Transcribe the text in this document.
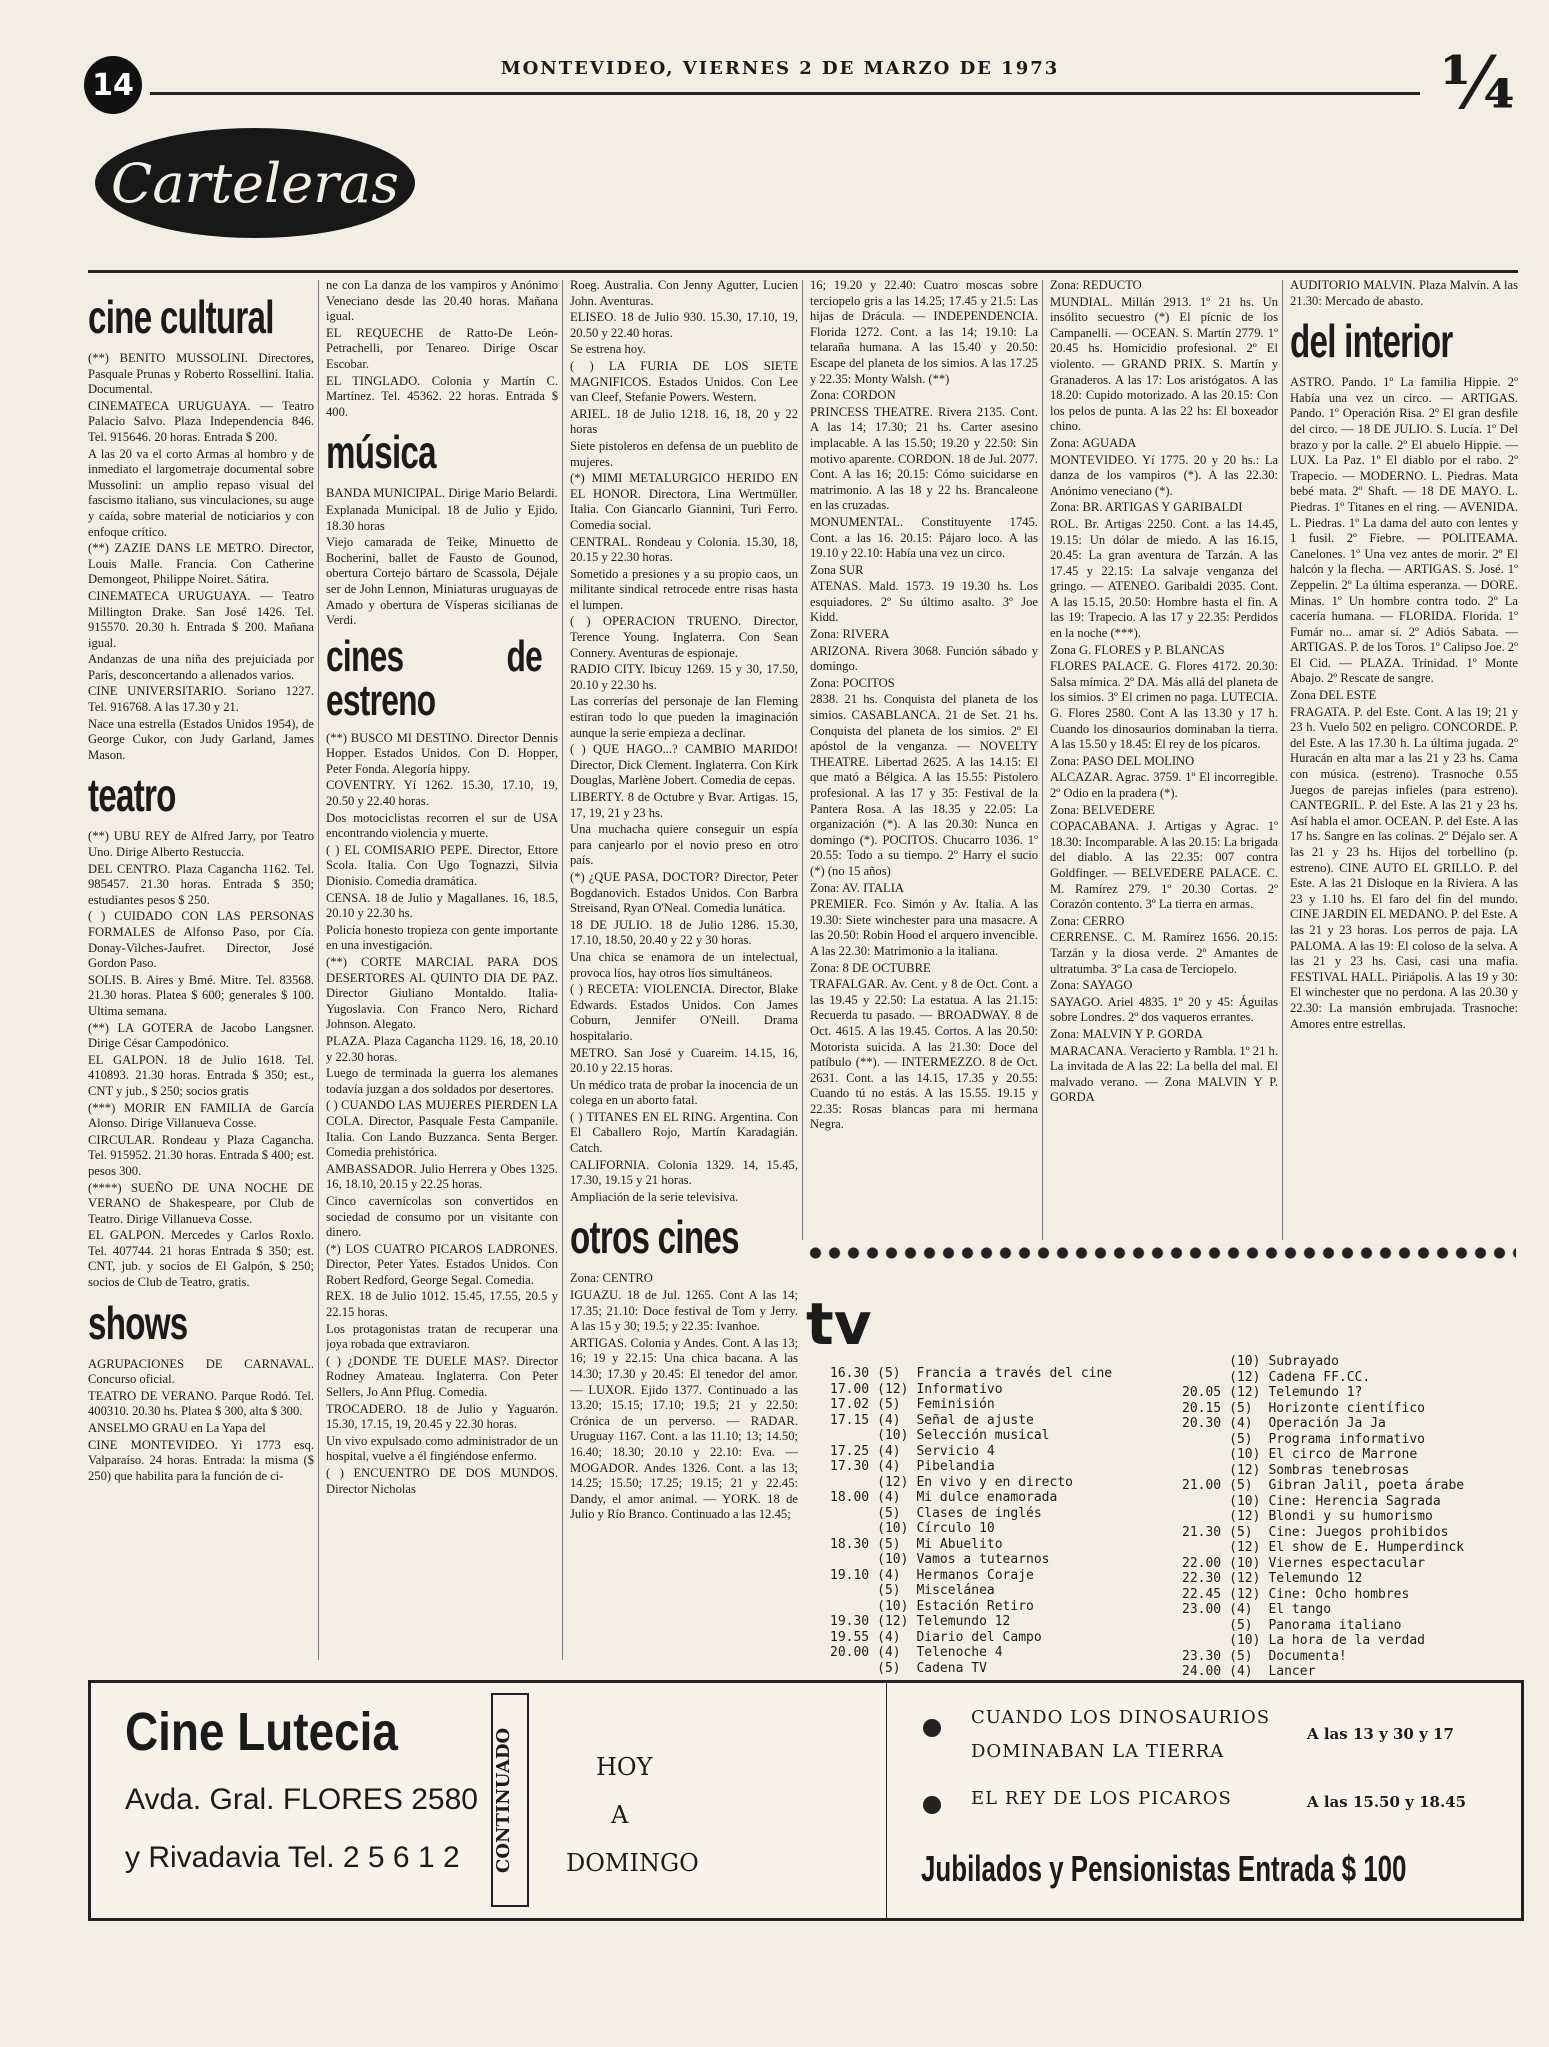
14	MONTEVIDEO, VIERNES 2 DE MARZO DE 1973	¼
Carteleras
cine cultural

(**) BENITO MUSSOLINI. Directores, Pasquale Prunas y Roberto Rossellini. Italia. Documental.

CINEMATECA URUGUAYA. — Teatro Palacio Salvo. Plaza Independencia 846. Tel. 915646. 20 horas. Entrada $ 200.

A las 20 va el corto Armas al hombro y de inmediato el largometraje documental sobre Mussolini: un amplio repaso visual del fascismo italiano, sus vinculaciones, su auge y caída, sobre material de noticiarios y con enfoque crítico.

(**) ZAZIE DANS LE METRO. Director, Louis Malle. Francia. Con Catherine Demongeot, Philippe Noiret. Sátira.

CINEMATECA URUGUAYA. — Teatro Millington Drake. San José 1426. Tel. 915570. 20.30 h. Entrada $ 200. Mañana igual.

Andanzas de una niña des prejuiciada por París, desconcertando a allenados varios.

CINE UNIVERSITARIO. Soriano 1227. Tel. 916768. A las 17.30 y 21.

Nace una estrella (Estados Unidos 1954), de George Cukor, con Judy Garland, James Mason.

teatro

(**) UBU REY de Alfred Jarry, por Teatro Uno. Dirige Alberto Restuccia.

DEL CENTRO. Plaza Cagancha 1162. Tel. 985457. 21.30 horas. Entrada $ 350; estudiantes pesos $ 250.

( ) CUIDADO CON LAS PERSONAS FORMALES de Alfonso Paso, por Cía. Donay-Vilches-Jaufret. Director, José Gordon Paso.

SOLIS. B. Aires y Bmé. Mitre. Tel. 83568. 21.30 horas. Platea $ 600; generales $ 100. Ultima semana.

(**) LA GOTERA de Jacobo Langsner. Dirige César Campodónico.

EL GALPON. 18 de Julio 1618. Tel. 410893. 21.30 horas. Entrada $ 350; est., CNT y jub., $ 250; socios gratis

(***) MORIR EN FAMILIA de García Alonso. Dirige Villanueva Cosse.

CIRCULAR. Rondeau y Plaza Cagancha. Tel. 915952. 21.30 horas. Entrada $ 400; est. pesos 300.

(****) SUEÑO DE UNA NOCHE DE VERANO de Shakespeare, por Club de Teatro. Dirige Villanueva Cosse.

EL GALPON. Mercedes y Carlos Roxlo. Tel. 407744. 21 horas Entrada $ 350; est. CNT, jub. y socios de El Galpón, $ 250; socios de Club de Teatro, gratis.

shows

AGRUPACIONES DE CARNAVAL. Concurso oficial.

TEATRO DE VERANO. Parque Rodó. Tel. 400310. 20.30 hs. Platea $ 300, alta $ 300.

ANSELMO GRAU en La Yapa del

CINE MONTEVIDEO. Yi 1773 esq. Valparaíso. 24 horas. Entrada: la misma ($ 250) que habilita para la función de ci-

ne con La danza de los vampiros y Anónimo Veneciano desde las 20.40 horas. Mañana igual.

EL REQUECHE de Ratto-De León-Petrachelli, por Tenareo. Dirige Oscar Escobar.

EL TINGLADO. Colonia y Martín C. Martínez. Tel. 45362. 22 horas. Entrada $ 400.

música

BANDA MUNICIPAL. Dirige Mario Belardi.

Explanada Municipal. 18 de Julio y Ejido. 18.30 horas

Viejo camarada de Teike, Minuetto de Bocherini, ballet de Fausto de Gounod, obertura Cortejo bártaro de Scassola, Déjale ser de John Lennon, Miniaturas uruguayas de Amado y obertura de Vísperas sicilianas de Verdi.

cines de estreno

(**) BUSCO MI DESTINO. Director Dennis Hopper. Estados Unidos. Con D. Hopper, Peter Fonda. Alegoría hippy.

COVENTRY. Yí 1262. 15.30, 17.10, 19, 20.50 y 22.40 horas.

Dos motociclistas recorren el sur de USA encontrando violencia y muerte.

( ) EL COMISARIO PEPE. Director, Ettore Scola. Italia. Con Ugo Tognazzi, Silvia Dionisio. Comedia dramática.

CENSA. 18 de Julio y Magallanes. 16, 18.5, 20.10 y 22.30 hs.

Policía honesto tropieza con gente importante en una investigación.

(**) CORTE MARCIAL PARA DOS DESERTORES AL QUINTO DIA DE PAZ. Director Giuliano Montaldo. Italia-Yugoslavia. Con Franco Nero, Richard Johnson. Alegato.

PLAZA. Plaza Cagancha 1129. 16, 18, 20.10 y 22.30 horas.

Luego de terminada la guerra los alemanes todavía juzgan a dos soldados por desertores.

( ) CUANDO LAS MUJERES PIERDEN LA COLA. Director, Pasquale Festa Campanile. Italia. Con Lando Buzzanca. Senta Berger. Comedia prehistórica.

AMBASSADOR. Julio Herrera y Obes 1325. 16, 18.10, 20.15 y 22.25 horas.

Cinco cavernícolas son convertidos en sociedad de consumo por un visitante con dinero.

(*) LOS CUATRO PICAROS LADRONES. Director, Peter Yates. Estados Unidos. Con Robert Redford, George Segal. Comedia.

REX. 18 de Julio 1012. 15.45, 17.55, 20.5 y 22.15 horas.

Los protagonistas tratan de recuperar una joya robada que extraviaron.

( ) ¿DONDE TE DUELE MAS?. Director Rodney Amateau. Inglaterra. Con Peter Sellers, Jo Ann Pflug. Comedia.

TROCADERO. 18 de Julio y Yaguarón. 15.30, 17.15, 19, 20.45 y 22.30 horas.

Un vivo expulsado como administrador de un hospital, vuelve a él fingiéndose enfermo.

( ) ENCUENTRO DE DOS MUNDOS. Director Nicholas

Roeg. Australia. Con Jenny Agutter, Lucien John. Aventuras.

ELISEO. 18 de Julio 930. 15.30, 17.10, 19, 20.50 y 22.40 horas.

Se estrena hoy.

( ) LA FURIA DE LOS SIETE MAGNIFICOS. Estados Unidos. Con Lee van Cleef, Stefanie Powers. Western.

ARIEL. 18 de Julio 1218. 16, 18, 20 y 22 horas

Siete pistoleros en defensa de un pueblito de mujeres.

(*) MIMI METALURGICO HERIDO EN EL HONOR. Directora, Lina Wertmüller. Italia. Con Giancarlo Giannini, Turi Ferro. Comedia social.

CENTRAL. Rondeau y Colonia. 15.30, 18, 20.15 y 22.30 horas.

Sometido a presiones y a su propio caos, un militante sindical retrocede entre risas hasta el lumpen.

( ) OPERACION TRUENO. Director, Terence Young. Inglaterra. Con Sean Connery. Aventuras de espionaje.

RADIO CITY. Ibicuy 1269. 15 y 30, 17.50, 20.10 y 22.30 hs.

Las correrías del personaje de Ian Fleming estiran todo lo que pueden la imaginación aunque la serie empieza a declinar.

( ) QUE HAGO...? CAMBIO MARIDO! Director, Dick Clement. Inglaterra. Con Kirk Douglas, Marlène Jobert. Comedia de cepas.

LIBERTY. 8 de Octubre y Bvar. Artigas. 15, 17, 19, 21 y 23 hs.

Una muchacha quiere conseguir un espía para canjearlo por el novio preso en otro país.

(*) ¿QUE PASA, DOCTOR? Director, Peter Bogdanovich. Estados Unidos. Con Barbra Streisand, Ryan O'Neal. Comedia lunática.

18 DE JULIO. 18 de Julio 1286. 15.30, 17.10, 18.50, 20.40 y 22 y 30 horas.

Una chica se enamora de un intelectual, provoca líos, hay otros líos simultáneos.

( ) RECETA: VIOLENCIA. Director, Blake Edwards. Estados Unidos. Con James Coburn, Jennifer O'Neill. Drama hospitalario.

METRO. San José y Cuareim. 14.15, 16, 20.10 y 22.15 horas.

Un médico trata de probar la inocencia de un colega en un aborto fatal.

( ) TITANES EN EL RING. Argentina. Con El Caballero Rojo, Martín Karadagián. Catch.

CALIFORNIA. Colonia 1329. 14, 15.45, 17.30, 19.15 y 21 horas.

Ampliación de la serie televisiva.

otros cines

Zona: CENTRO

IGUAZU. 18 de Jul. 1265. Cont A las 14; 17.35; 21.10: Doce festival de Tom y Jerry. A las 15 y 30; 19.5; y 22.35: Ivanhoe.

ARTIGAS. Colonia y Andes. Cont. A las 13; 16; 19 y 22.15: Una chica bacana. A las 14.30; 17.30 y 20.45: El tenedor del amor. — LUXOR. Ejido 1377. Continuado a las 13.20; 15.15; 17.10; 19.5; 21 y 22.50: Crónica de un perverso. — RADAR. Uruguay 1167. Cont. a las 11.10; 13; 14.50; 16.40; 18.30; 20.10 y 22.10: Eva. — MOGADOR. Andes 1326. Cont. a las 13; 14.25; 15.50; 17.25; 19.15; 21 y 22.45: Dandy, el amor animal. — YORK. 18 de Julio y Río Branco. Continuado a las 12.45;

16; 19.20 y 22.40: Cuatro moscas sobre terciopelo gris a las 14.25; 17.45 y 21.5: Las hijas de Drácula. — INDEPENDENCIA. Florida 1272. Cont. a las 14; 19.10: La telaraña humana. A las 15.40 y 20.50: Escape del planeta de los simios. A las 17.25 y 22.35: Monty Walsh. (**)

Zona: CORDON

PRINCESS THEATRE. Rivera 2135. Cont. A las 14; 17.30; 21 hs. Carter asesino implacable. A las 15.50; 19.20 y 22.50: Sin motivo aparente. CORDON. 18 de Jul. 2077. Cont. A las 16; 20.15: Cómo suicidarse en matrimonio. A las 18 y 22 hs. Brancaleone en las cruzadas.

MONUMENTAL. Constituyente 1745. Cont. a las 16. 20.15: Pájaro loco. A las 19.10 y 22.10: Había una vez un circo.

Zona SUR

ATENAS. Mald. 1573. 19 19.30 hs. Los esquiadores. 2º Su último asalto. 3º Joe Kidd.

Zona: RIVERA

ARIZONA. Rivera 3068. Función sábado y domingo.

Zona: POCITOS

2838. 21 hs. Conquista del planeta de los simios. CASABLANCA. 21 de Set. 21 hs. Conquista del planeta de los simios. 2º El apóstol de la venganza. — NOVELTY THEATRE. Libertad 2625. A las 14.15: El que mató a Bélgica. A las 15.55: Pistolero profesional. A las 17 y 35: Festival de la Pantera Rosa. A las 18.35 y 22.05: La organización (*). A las 20.30: Nunca en domingo (*). POCITOS. Chucarro 1036. 1º 20.55: Todo a su tiempo. 2º Harry el sucio (*) (no 15 años)

Zona: AV. ITALIA

PREMIER. Fco. Simón y Av. Italia. A las 19.30: Siete winchester para una masacre. A las 20.50: Robin Hood el arquero invencible. A las 22.30: Matrimonio a la italiana.

Zona: 8 DE OCTUBRE

TRAFALGAR. Av. Cent. y 8 de Oct. Cont. a las 19.45 y 22.50: La estatua. A las 21.15: Recuerda tu pasado. — BROADWAY. 8 de Oct. 4615. A las 19.45. Cortos. A las 20.50: Motorista suicida. A las 21.30: Doce del patíbulo (**). — INTERMEZZO. 8 de Oct. 2631. Cont. a las 14.15, 17.35 y 20.55: Cuando tú no estás. A las 15.55. 19.15 y 22.35: Rosas blancas para mi hermana Negra.

Zona: REDUCTO

MUNDIAL. Millán 2913. 1º 21 hs. Un insólito secuestro (*) El pícnic de los Campanelli. — OCEAN. S. Martín 2779. 1º 20.45 hs. Homicidio profesional. 2º El violento. — GRAND PRIX. S. Martín y Granaderos. A las 17: Los aristógatos. A las 18.20: Cupido motorizado. A las 20.15: Con los pelos de punta. A las 22 hs: El boxeador chino.

Zona: AGUADA

MONTEVIDEO. Yí 1775. 20 y 20 hs.: La danza de los vampiros (*). A las 22.30: Anónimo veneciano (*).

Zona: BR. ARTIGAS Y GARIBALDI

ROL. Br. Artigas 2250. Cont. a las 14.45, 19.15: Un dólar de miedo. A las 16.15, 20.45: La gran aventura de Tarzán. A las 17.45 y 22.15: La salvaje venganza del gringo. — ATENEO. Garibaldi 2035. Cont. A las 15.15, 20.50: Hombre hasta el fin. A las 19: Trapecio. A las 17 y 22.35: Perdidos en la noche (***).

Zona G. FLORES y P. BLANCAS

FLORES PALACE. G. Flores 4172. 20.30: Salsa mímica. 2º DA. Más allá del planeta de los simios. 3º El crimen no paga. LUTECIA. G. Flores 2580. Cont A las 13.30 y 17 h. Cuando los dinosaurios dominaban la tierra. A las 15.50 y 18.45: El rey de los pícaros.

Zona: PASO DEL MOLINO

ALCAZAR. Agrac. 3759. 1º El incorregible. 2º Odio en la pradera (*).

Zona: BELVEDERE

COPACABANA. J. Artigas y Agrac. 1º 18.30: Incomparable. A las 20.15: La brigada del diablo. A las 22.35: 007 contra Goldfinger. — BELVEDERE PALACE. C. M. Ramírez 279. 1º 20.30 Cortas. 2º Corazón contento. 3º La tierra en armas.

Zona: CERRO

CERRENSE. C. M. Ramírez 1656. 20.15: Tarzán y la diosa verde. 2º Amantes de ultratumba. 3º La casa de Terciopelo.

Zona: SAYAGO

SAYAGO. Ariel 4835. 1º 20 y 45: Águilas sobre Londres. 2º dos vaqueros errantes.

Zona: MALVIN Y P. GORDA

MARACANA. Veracierto y Rambla. 1º 21 h. La invitada de A las 22: La bella del mal. El malvado verano. — Zona MALVIN Y P. GORDA

AUDITORIO MALVIN. Plaza Malvín. A las 21.30: Mercado de abasto.

del interior

ASTRO. Pando. 1º La familia Hippie. 2º Había una vez un circo. — ARTIGAS. Pando. 1º Operación Risa. 2º El gran desfile del circo. — 18 DE JULIO. S. Lucía. 1º Del brazo y por la calle. 2º El abuelo Hippie. — LUX. La Paz. 1º El diablo por el rabo. 2º Trapecio. — MODERNO. L. Piedras. Mata bebé mata. 2º Shaft. — 18 DE MAYO. L. Piedras. 1º Titanes en el ring. — AVENIDA. L. Piedras. 1º La dama del auto con lentes y 1 fusil. 2º Fiebre. — POLITEAMA. Canelones. 1º Una vez antes de morir. 2º El halcón y la flecha. — ARTIGAS. S. José. 1º Zeppelin. 2º La última esperanza. — DORE. Minas. 1º Un hombre contra todo. 2º La cacería humana. — FLORIDA. Florida. 1º Fumár no... amar sí. 2º Adiós Sabata. — ARTIGAS. P. de los Toros. 1º Calipso Joe. 2º El Cid. — PLAZA. Trinidad. 1º Monte Abajo. 2º Rescate de sangre.

Zona DEL ESTE

FRAGATA. P. del Este. Cont. A las 19; 21 y 23 h. Vuelo 502 en peligro. CONCORDE. P. del Este. A las 17.30 h. La última jugada. 2º Huracán en alta mar a las 21 y 23 hs. Cama con música. (estreno). Trasnoche 0.55 Juegos de parejas infieles (para estreno). CANTEGRIL. P. del Este. A las 21 y 23 hs. Así habla el amor. OCEAN. P. del Este. A las 17 hs. Sangre en las colinas. 2º Déjalo ser. A las 21 y 23 hs. Hijos del torbellino (p. estreno). CINE AUTO EL GRILLO. P. del Este. A las 21 Disloque en la Riviera. A las 23 y 1.10 hs. El faro del fin del mundo. CINE JARDIN EL MEDANO. P. del Este. A las 21 y 23 horas. Los perros de paja. LA PALOMA. A las 19: El coloso de la selva. A las 21 y 23 hs. Casi, casi una mafia. FESTIVAL HALL. Piriápolis. A las 19 y 30: El winchester que no perdona. A las 20.30 y 22.30: La mansión embrujada. Trasnoche: Amores entre estrellas.

tv
16.30	(5)	Francia a través del cine
17.00	(12)	Informativo
17.02	(5)	Feminisión
17.15	(4)	Señal de ajuste
	(10)	Selección musical
17.25	(4)	Servicio 4
17.30	(4)	Pibelandia
	(12)	En vivo y en directo
18.00	(4)	Mi dulce enamorada
	(5)	Clases de inglés
	(10)	Círculo 10
18.30	(5)	Mi Abuelito
	(10)	Vamos a tutearnos
19.10	(4)	Hermanos Coraje
	(5)	Miscelánea
	(10)	Estación Retiro
19.30	(12)	Telemundo 12
19.55	(4)	Diario del Campo
20.00	(4)	Telenoche 4
	(5)	Cadena TV
	(10)	Subrayado
	(12)	Cadena FF.CC.
20.05	(12)	Telemundo 1?
20.15	(5)	Horizonte científico
20.30	(4)	Operación Ja Ja
	(5)	Programa informativo
	(10)	El circo de Marrone
	(12)	Sombras tenebrosas
21.00	(5)	Gibran Jalil, poeta árabe
	(10)	Cine: Herencia Sagrada
	(12)	Blondi y su humorismo
21.30	(5)	Cine: Juegos prohibidos
	(12)	El show de E. Humperdinck
22.00	(10)	Viernes espectacular
22.30	(12)	Telemundo 12
22.45	(12)	Cine: Ocho hombres
23.00	(4)	El tango
	(5)	Panorama italiano
	(10)	La hora de la verdad
23.30	(5)	Documenta!
24.00	(4)	Lancer
Cine Lutecia
Avda. Gral. FLORES 2580
y Rivadavia Tel. 2 5 6 1 2 CONTINUADO	HOY
A
DOMINGO
CUANDO LOS DINOSAURIOS
DOMINABAN LA TIERRA
A las 13 y 30 y 17
EL REY DE LOS PICAROS	A las 15.50 y 18.45
Jubilados y Pensionistas Entrada $ 100
